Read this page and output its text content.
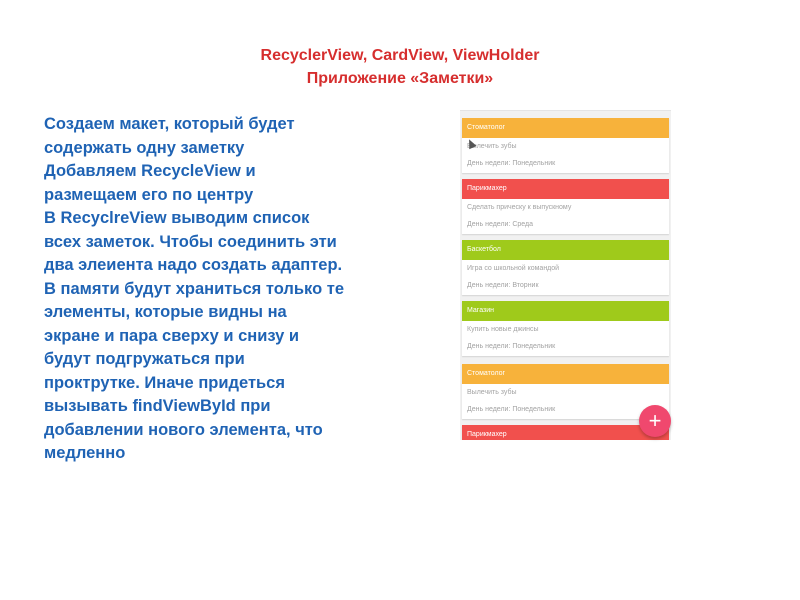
RecyclerView, CardView, ViewHolder
Приложение «Заметки»
Создаем макет, который будет содержать одну заметку
Добавляем RecycleView и размещаем его по центру
В RecyclreView выводим список всех заметок. Чтобы соединить эти два элеиента надо создать адаптер.
В памяти будут храниться только те элементы, которые видны на экране и пара сверху и снизу и будут подгружаться при проктрутке. Иначе придеться вызывать findViewById при добавлении нового элемента, что медленно
Стоматолог
Вылечить зубы
День недели: Понедельник
Парикмахер
Сделать прическу к выпускному
День недели: Среда
Баскетбол
Игра со школьной командой
День недели: Вторник
Магазин
Купить новые джинсы
День недели: Понедельник
Стоматолог
Вылечить зубы
День недели: Понедельник
Парикмахер
+
